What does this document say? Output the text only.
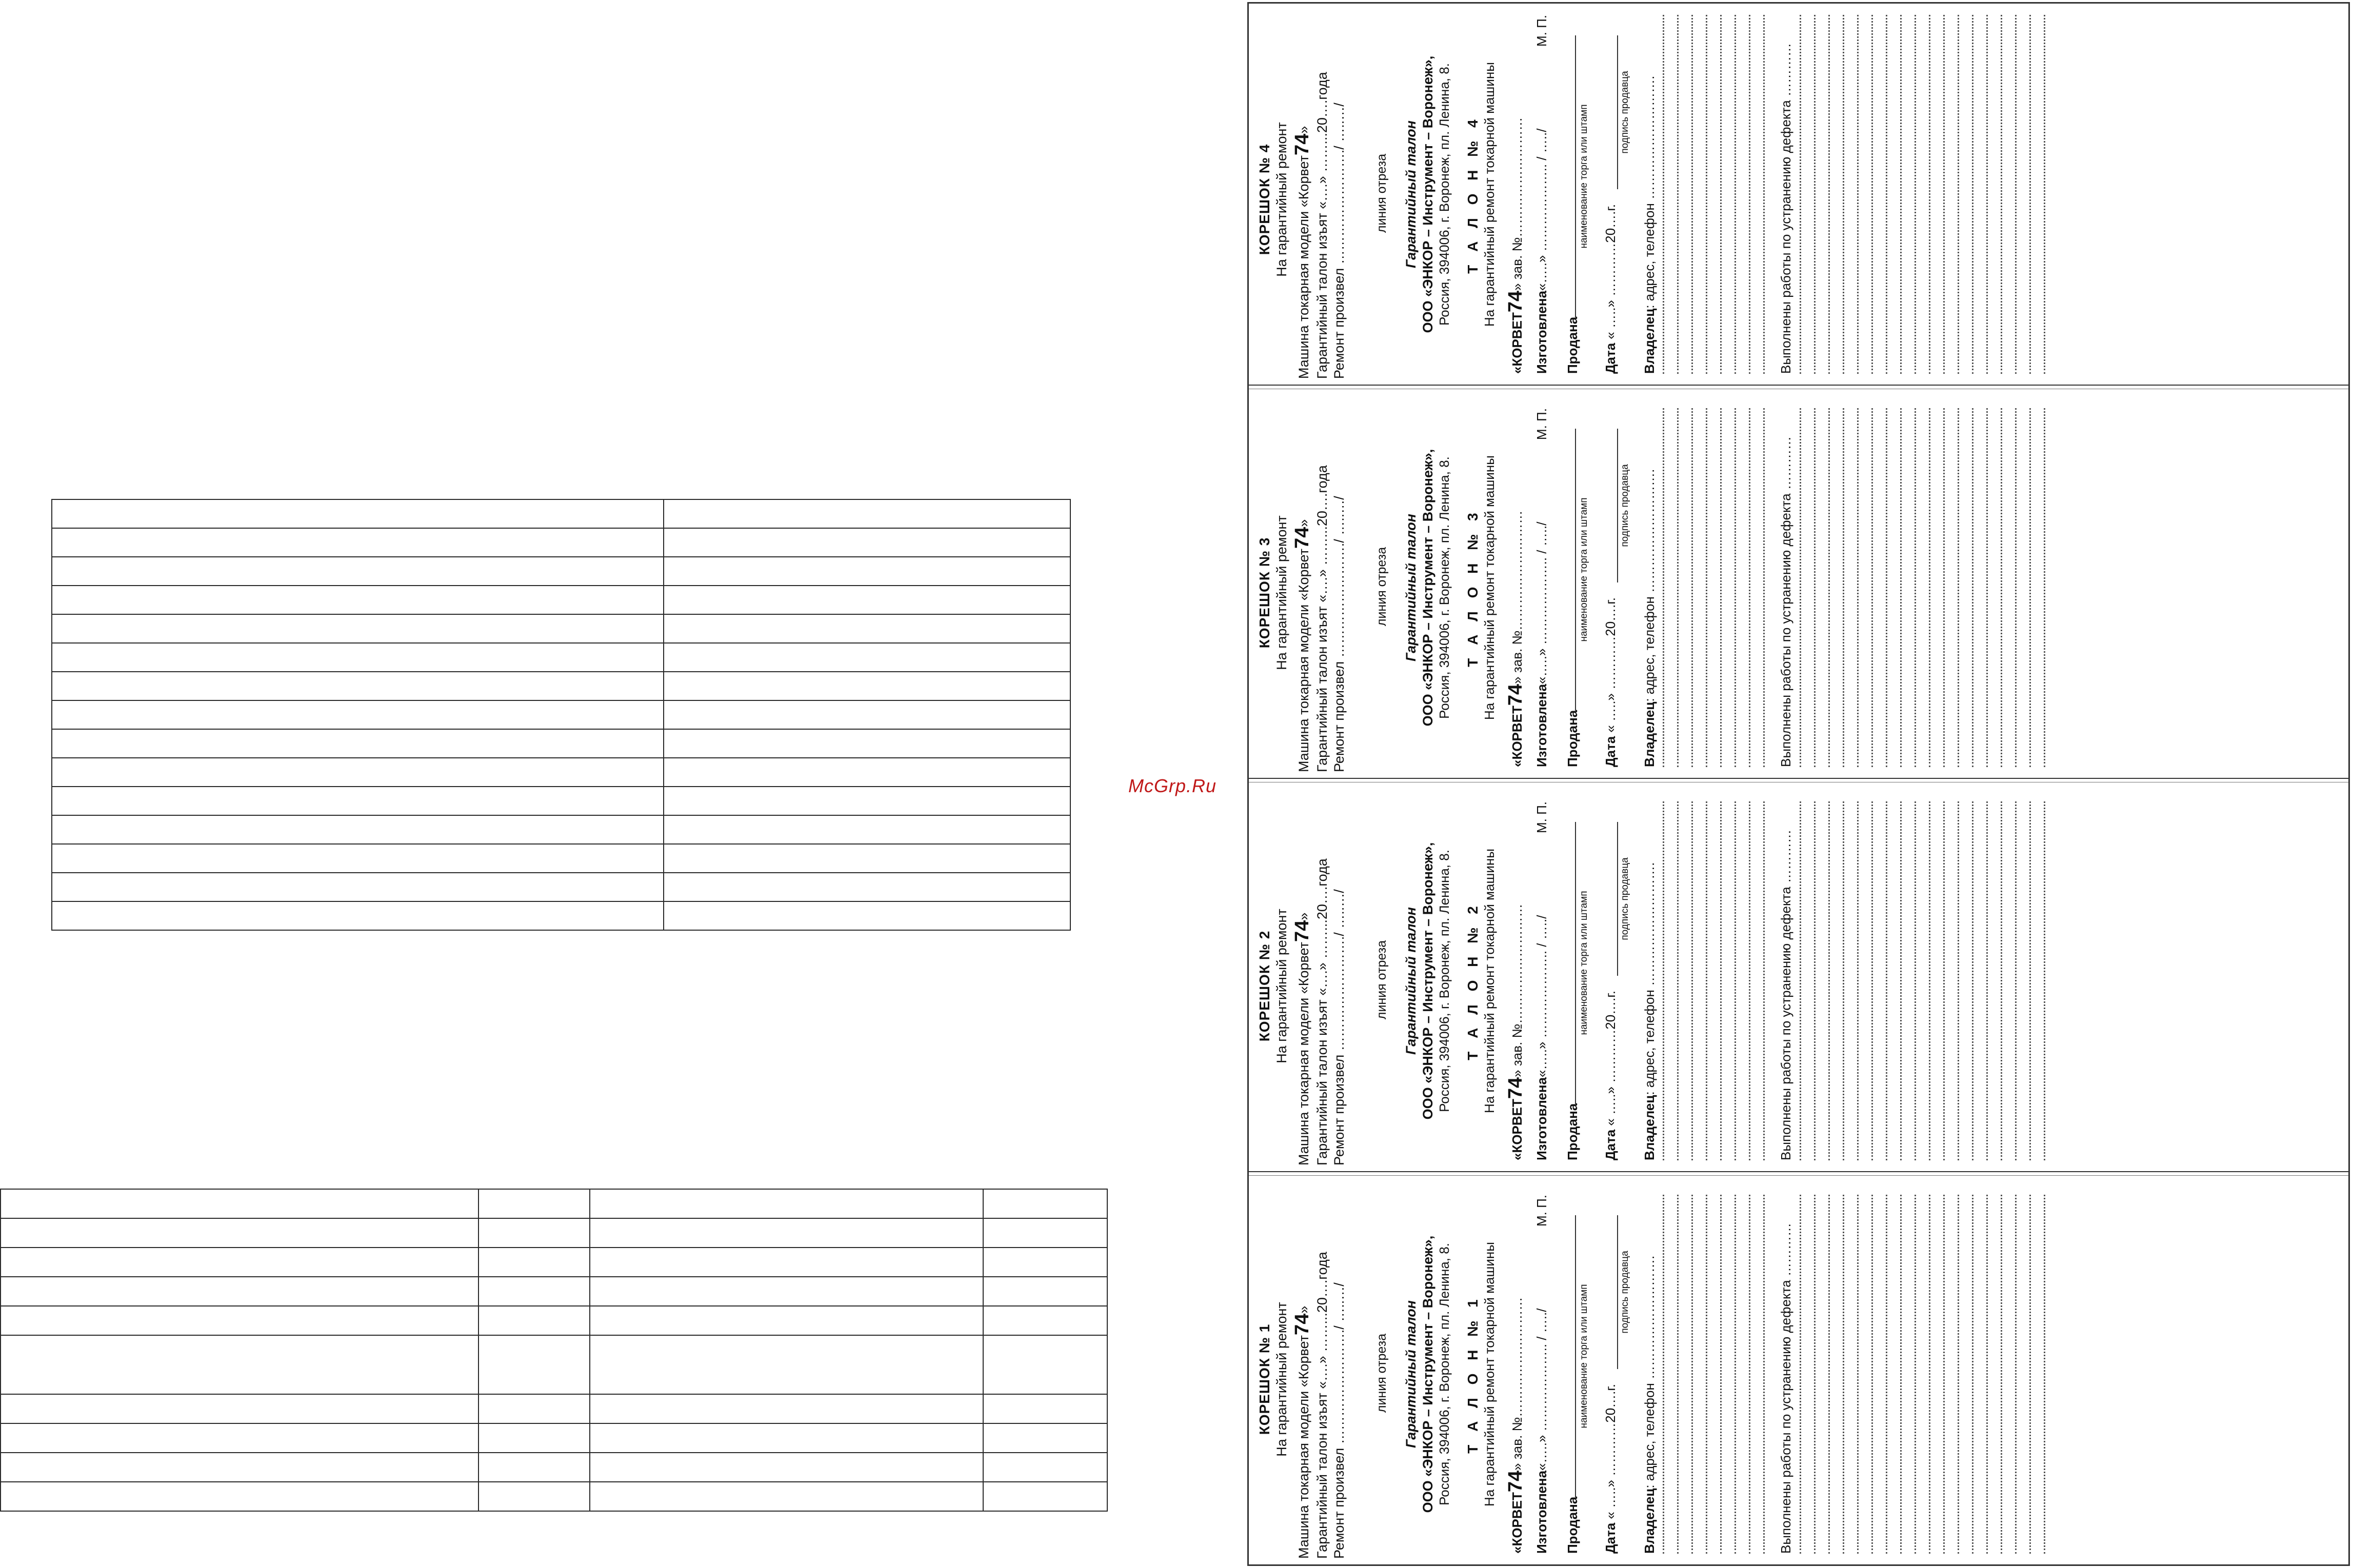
McGrp.Ru
КОРЕШОК № 4 На гарантийный ремонт Машина токарная модели «Корвет74» Гарантийный талон изъят «….» ……...20….года Ремонт произвел ……………………./ …..…/ линия отреза Гарантийный талон ООО «ЭНКОР – Инструмент – Воронеж», Россия, 394006, г. Воронеж, пл. Ленина, 8. Т А Л О Н № 4 На гарантийный ремонт токарной машины
«КОРВЕТ74» зав. №………………………
Изготовлена«…..» ……………….. / …../
М. П.
Продана
наименование торга или штамп
Дата « …..» …………20….г.
подпись продавца
Владелец: адрес, телефон ……………………….	Выполнены работы по устранению дефекта …………
КОРЕШОК № 3 На гарантийный ремонт Машина токарная модели «Корвет74» Гарантийный талон изъят «….» ……...20….года Ремонт произвел ……………………./ …..…/ линия отреза Гарантийный талон ООО «ЭНКОР – Инструмент – Воронеж», Россия, 394006, г. Воронеж, пл. Ленина, 8. Т А Л О Н № 3 На гарантийный ремонт токарной машины
«КОРВЕТ74» зав. №………………………
Изготовлена«…..» ……………….. / …../
М. П.
Продана
наименование торга или штамп
Дата « …..» …………20….г.
подпись продавца
Владелец: адрес, телефон ……………………….	Выполнены работы по устранению дефекта …………
КОРЕШОК № 2 На гарантийный ремонт Машина токарная модели «Корвет74» Гарантийный талон изъят «….» ……...20….года Ремонт произвел ……………………./ …..…/ линия отреза Гарантийный талон ООО «ЭНКОР – Инструмент – Воронеж», Россия, 394006, г. Воронеж, пл. Ленина, 8. Т А Л О Н № 2 На гарантийный ремонт токарной машины
«КОРВЕТ74» зав. №………………………
Изготовлена«…..» ……………….. / …../
М. П.
Продана
наименование торга или штамп
Дата « …..» …………20….г.
подпись продавца
Владелец: адрес, телефон ……………………….	Выполнены работы по устранению дефекта …………
КОРЕШОК № 1 На гарантийный ремонт Машина токарная модели «Корвет74» Гарантийный талон изъят «….» ……...20….года Ремонт произвел ……………………./ …..…/ линия отреза Гарантийный талон ООО «ЭНКОР – Инструмент – Воронеж», Россия, 394006, г. Воронеж, пл. Ленина, 8. Т А Л О Н № 1 На гарантийный ремонт токарной машины
«КОРВЕТ74» зав. №………………………
Изготовлена«…..» ……………….. / …../
М. П.
Продана
наименование торга или штамп
Дата « …..» …………20….г.
подпись продавца
Владелец: адрес, телефон ……………………….	Выполнены работы по устранению дефекта …………
